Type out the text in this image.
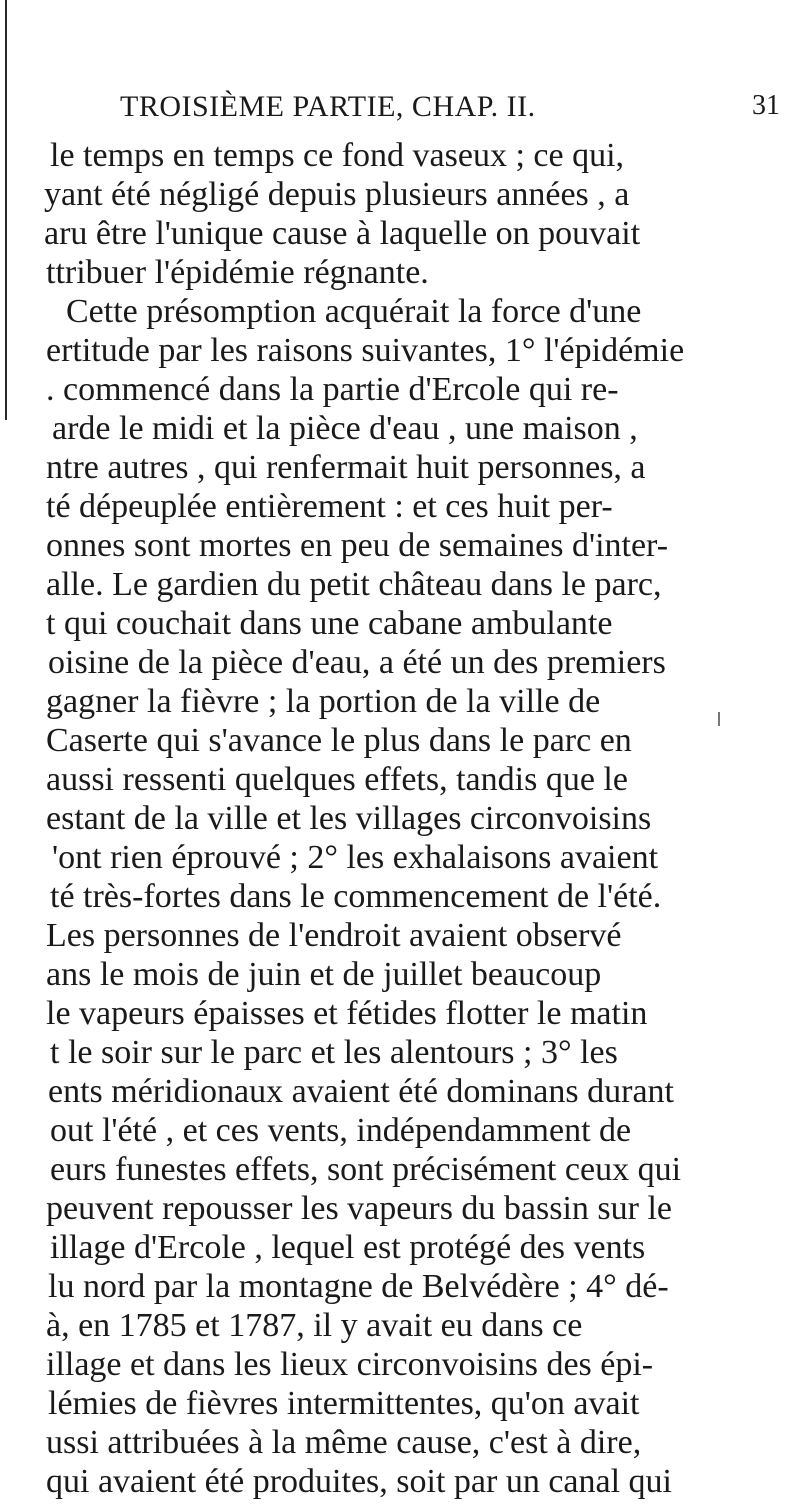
TROISIÈME PARTIE, CHAP. II.	31
le temps en temps ce fond vaseux ; ce qui,
yant été négligé depuis plusieurs années , a
aru être l'unique cause à laquelle on pouvait
ttribuer l'épidémie régnante.
Cette présomption acquérait la force d'une
ertitude par les raisons suivantes, 1° l'épidémie
. commencé dans la partie d'Ercole qui re-
arde le midi et la pièce d'eau , une maison ,
ntre autres , qui renfermait huit personnes, a
té dépeuplée entièrement : et ces huit per-
onnes sont mortes en peu de semaines d'inter-
alle. Le gardien du petit château dans le parc,
t qui couchait dans une cabane ambulante
oisine de la pièce d'eau, a été un des premiers
gagner la fièvre ; la portion de la ville de
Caserte qui s'avance le plus dans le parc en
aussi ressenti quelques effets, tandis que le
estant de la ville et les villages circonvoisins
'ont rien éprouvé ; 2° les exhalaisons avaient
té très-fortes dans le commencement de l'été.
Les personnes de l'endroit avaient observé
ans le mois de juin et de juillet beaucoup
le vapeurs épaisses et fétides flotter le matin
t le soir sur le parc et les alentours ; 3° les
ents méridionaux avaient été dominans durant
out l'été , et ces vents, indépendamment de
eurs funestes effets, sont précisément ceux qui
peuvent repousser les vapeurs du bassin sur le
illage d'Ercole , lequel est protégé des vents
lu nord par la montagne de Belvédère ; 4° dé-
à, en 1785 et 1787, il y avait eu dans ce
illage et dans les lieux circonvoisins des épi-
lémies de fièvres intermittentes, qu'on avait
ussi attribuées à la même cause, c'est à dire,
qui avaient été produites, soit par un canal qui
